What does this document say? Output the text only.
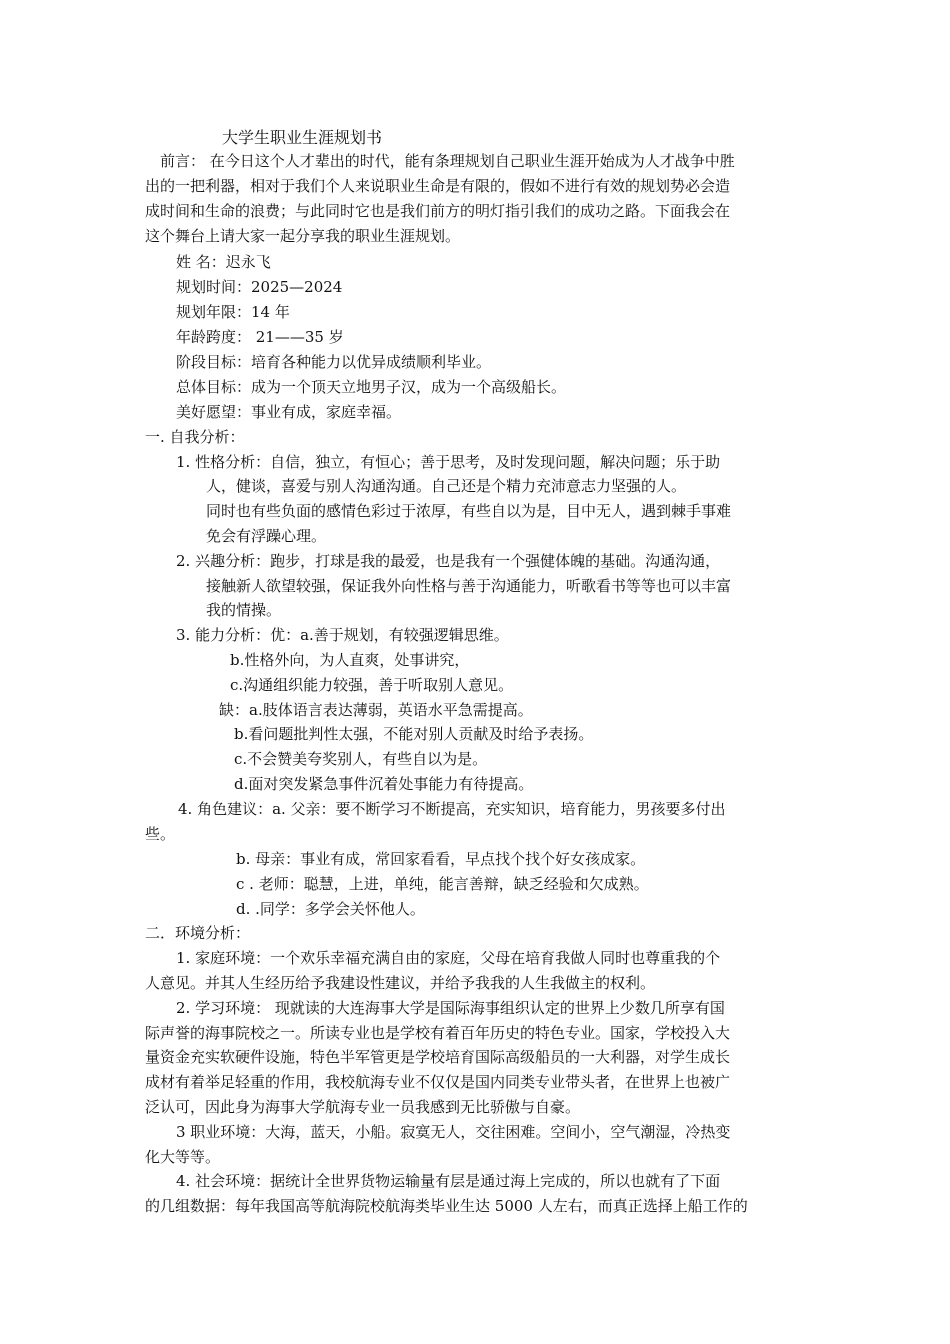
大学生职业生涯规划书
前言： 在今日这个人才辈出的时代，能有条理规划自己职业生涯开始成为人才战争中胜
出的一把利器，相对于我们个人来说职业生命是有限的，假如不进行有效的规划势必会造
成时间和生命的浪费；与此同时它也是我们前方的明灯指引我们的成功之路。下面我会在
这个舞台上请大家一起分享我的职业生涯规划。
姓 名：迟永飞
规划时间：2025—2024
规划年限：14 年
年龄跨度： 21——35 岁
阶段目标：培育各种能力以优异成绩顺利毕业。
总体目标：成为一个顶天立地男子汉，成为一个高级船长。
美好愿望：事业有成，家庭幸福。
一. 自我分析：
1. 性格分析：自信，独立，有恒心；善于思考，及时发现问题，解决问题；乐于助
人，健谈，喜爱与别人沟通沟通。自己还是个精力充沛意志力坚强的人。
同时也有些负面的感情色彩过于浓厚，有些自以为是，目中无人，遇到棘手事难
免会有浮躁心理。
2. 兴趣分析：跑步，打球是我的最爱，也是我有一个强健体魄的基础。沟通沟通，
接触新人欲望较强，保证我外向性格与善于沟通能力，听歌看书等等也可以丰富
我的情操。
3. 能力分析：优：a.善于规划，有较强逻辑思维。
b.性格外向，为人直爽，处事讲究，
c.沟通组织能力较强，善于听取别人意见。
缺：a.肢体语言表达薄弱，英语水平急需提高。
b.看问题批判性太强，不能对别人贡献及时给予表扬。
c.不会赞美夸奖别人，有些自以为是。
d.面对突发紧急事件沉着处事能力有待提高。
4. 角色建议：a. 父亲：要不断学习不断提高，充实知识，培育能力，男孩要多付出
些。
b. 母亲：事业有成，常回家看看，早点找个找个好女孩成家。
c . 老师：聪慧，上进，单纯，能言善辩，缺乏经验和欠成熟。
d. .同学：多学会关怀他人。
二．环境分析：
1. 家庭环境：一个欢乐幸福充满自由的家庭，父母在培育我做人同时也尊重我的个
人意见。并其人生经历给予我建设性建议，并给予我我的人生我做主的权利。
2. 学习环境： 现就读的大连海事大学是国际海事组织认定的世界上少数几所享有国
际声誉的海事院校之一。所读专业也是学校有着百年历史的特色专业。国家，学校投入大
量资金充实软硬件设施，特色半军管更是学校培育国际高级船员的一大利器，对学生成长
成材有着举足轻重的作用，我校航海专业不仅仅是国内同类专业带头者，在世界上也被广
泛认可，因此身为海事大学航海专业一员我感到无比骄傲与自豪。
3 职业环境：大海，蓝天，小船。寂寞无人，交往困难。空间小，空气潮湿，冷热变
化大等等。
4. 社会环境：据统计全世界货物运输量有层是通过海上完成的，所以也就有了下面
的几组数据：每年我国高等航海院校航海类毕业生达 5000 人左右，而真正选择上船工作的
